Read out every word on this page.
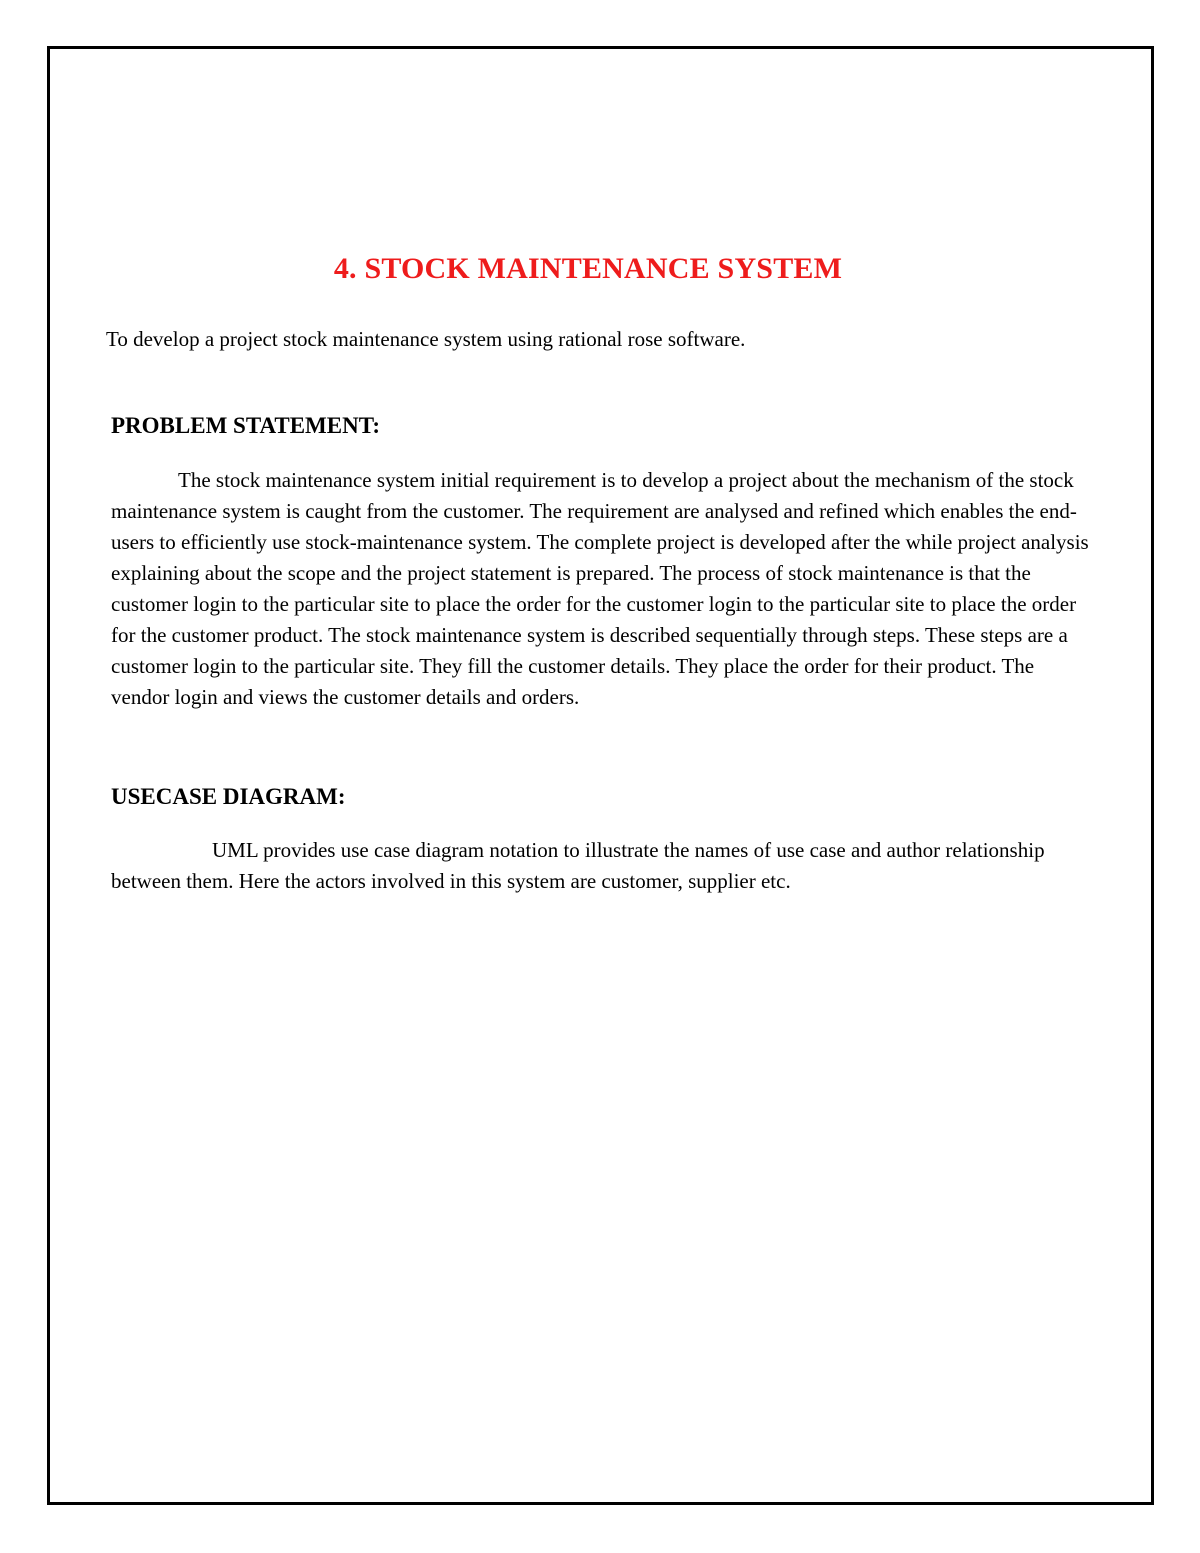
4. STOCK MAINTENANCE SYSTEM

To develop a project stock maintenance system using rational rose software.

PROBLEM STATEMENT:

The stock maintenance system initial requirement is to develop a project about the mechanism of the stock maintenance system is caught from the customer. The requirement are analysed and refined which enables the end-users to efficiently use stock-maintenance system. The complete project is developed after the while project analysis explaining about the scope and the project statement is prepared. The process of stock maintenance is that the customer login to the particular site to place the order for the customer login to the particular site to place the order for the customer product. The stock maintenance system is described sequentially through steps. These steps are a customer login to the particular site. They fill the customer details. They place the order for their product. The vendor login and views the customer details and orders.

USECASE DIAGRAM:

UML provides use case diagram notation to illustrate the names of use case and author relationship between them. Here the actors involved in this system are customer, supplier etc.
